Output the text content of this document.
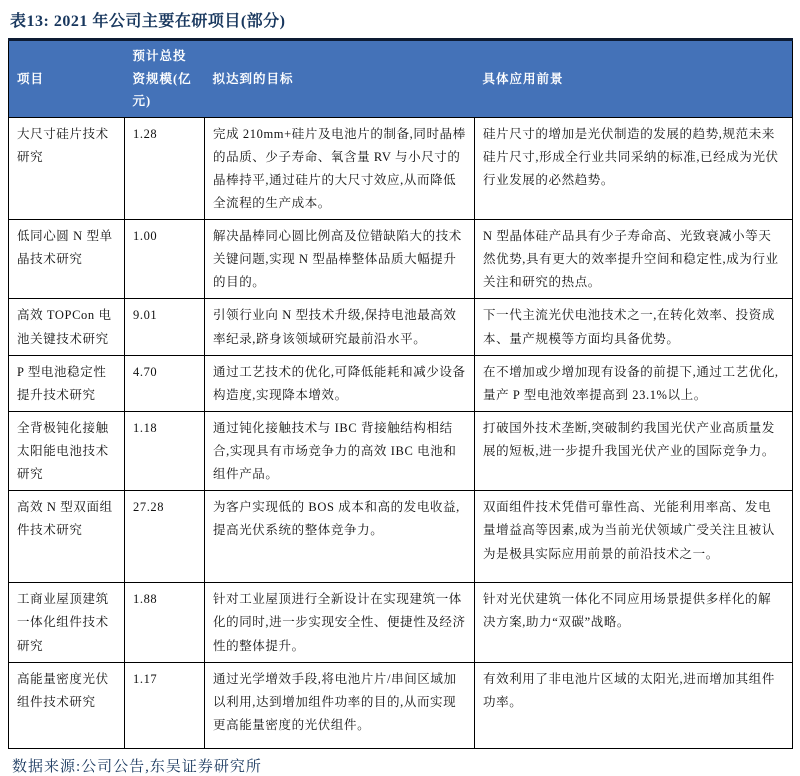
表13: 2021 年公司主要在研项目(部分)
项目	预计总投资规模(亿元)	拟达到的目标	具体应用前景
大尺寸硅片技术研究	1.28	完成 210mm+硅片及电池片的制备,同时晶棒的品质、少子寿命、氧含量 RV 与小尺寸的晶棒持平,通过硅片的大尺寸效应,从而降低全流程的生产成本。	硅片尺寸的增加是光伏制造的发展的趋势,规范未来硅片尺寸,形成全行业共同采纳的标准,已经成为光伏行业发展的必然趋势。
低同心圆 N 型单晶技术研究	1.00	解决晶棒同心圆比例高及位错缺陷大的技术关键问题,实现 N 型晶棒整体品质大幅提升的目的。	N 型晶体硅产品具有少子寿命高、光致衰减小等天然优势,具有更大的效率提升空间和稳定性,成为行业关注和研究的热点。
高效 TOPCon 电池关键技术研究	9.01	引领行业向 N 型技术升级,保持电池最高效率纪录,跻身该领域研究最前沿水平。	下一代主流光伏电池技术之一,在转化效率、投资成本、量产规模等方面均具备优势。
P 型电池稳定性提升技术研究	4.70	通过工艺技术的优化,可降低能耗和减少设备构造度,实现降本增效。	在不增加或少增加现有设备的前提下,通过工艺优化,量产 P 型电池效率提高到 23.1%以上。
全背极钝化接触太阳能电池技术研究	1.18	通过钝化接触技术与 IBC 背接触结构相结合,实现具有市场竞争力的高效 IBC 电池和组件产品。	打破国外技术垄断,突破制约我国光伏产业高质量发展的短板,进一步提升我国光伏产业的国际竞争力。
高效 N 型双面组件技术研究	27.28	为客户实现低的 BOS 成本和高的发电收益,提高光伏系统的整体竞争力。	双面组件技术凭借可靠性高、光能利用率高、发电量增益高等因素,成为当前光伏领域广受关注且被认为是极具实际应用前景的前沿技术之一。
工商业屋顶建筑一体化组件技术研究	1.88	针对工业屋顶进行全新设计在实现建筑一体化的同时,进一步实现安全性、便捷性及经济性的整体提升。	针对光伏建筑一体化不同应用场景提供多样化的解决方案,助力“双碳”战略。
高能量密度光伏组件技术研究	1.17	通过光学增效手段,将电池片片/串间区域加以利用,达到增加组件功率的目的,从而实现更高能量密度的光伏组件。	有效利用了非电池片区域的太阳光,进而增加其组件功率。
数据来源:公司公告,东吴证券研究所
